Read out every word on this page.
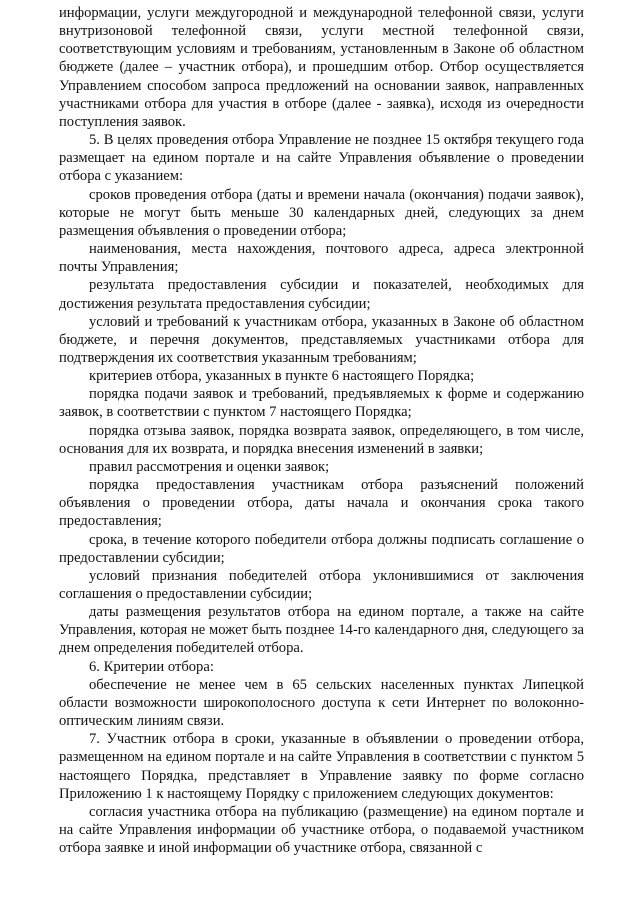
информации, услуги междугородной и международной телефонной связи, услуги внутризоновой телефонной связи, услуги местной телефонной связи, соответствующим условиям и требованиям, установленным в Законе об областном бюджете (далее – участник отбора), и прошедшим отбор. Отбор осуществляется Управлением способом запроса предложений на основании заявок, направленных участниками отбора для участия в отборе (далее - заявка), исходя из очередности поступления заявок.

5. В целях проведения отбора Управление не позднее 15 октября текущего года размещает на едином портале и на сайте Управления объявление о проведении отбора с указанием:

сроков проведения отбора (даты и времени начала (окончания) подачи заявок), которые не могут быть меньше 30 календарных дней, следующих за днем размещения объявления о проведении отбора;

наименования, места нахождения, почтового адреса, адреса электронной почты Управления;

результата предоставления субсидии и показателей, необходимых для достижения результата предоставления субсидии;

условий и требований к участникам отбора, указанных в Законе об областном бюджете, и перечня документов, представляемых участниками отбора для подтверждения их соответствия указанным требованиям;

критериев отбора, указанных в пункте 6 настоящего Порядка;

порядка подачи заявок и требований, предъявляемых к форме и содержанию заявок, в соответствии с пунктом 7 настоящего Порядка;

порядка отзыва заявок, порядка возврата заявок, определяющего, в том числе, основания для их возврата, и порядка внесения изменений в заявки;

правил рассмотрения и оценки заявок;

порядка предоставления участникам отбора разъяснений положений объявления о проведении отбора, даты начала и окончания срока такого предоставления;

срока, в течение которого победители отбора должны подписать соглашение о предоставлении субсидии;

условий признания победителей отбора уклонившимися от заключения соглашения о предоставлении субсидии;

даты размещения результатов отбора на едином портале, а также на сайте Управления, которая не может быть позднее 14-го календарного дня, следующего за днем определения победителей отбора.

6. Критерии отбора:

обеспечение не менее чем в 65 сельских населенных пунктах Липецкой области возможности широкополосного доступа к сети Интернет по волоконно-оптическим линиям связи.

7. Участник отбора в сроки, указанные в объявлении о проведении отбора, размещенном на едином портале и на сайте Управления в соответствии с пунктом 5 настоящего Порядка, представляет в Управление заявку по форме согласно Приложению 1 к настоящему Порядку с приложением следующих документов:

согласия участника отбора на публикацию (размещение) на едином портале и на сайте Управления информации об участнике отбора, о подаваемой участником отбора заявке и иной информации об участнике отбора, связанной с
